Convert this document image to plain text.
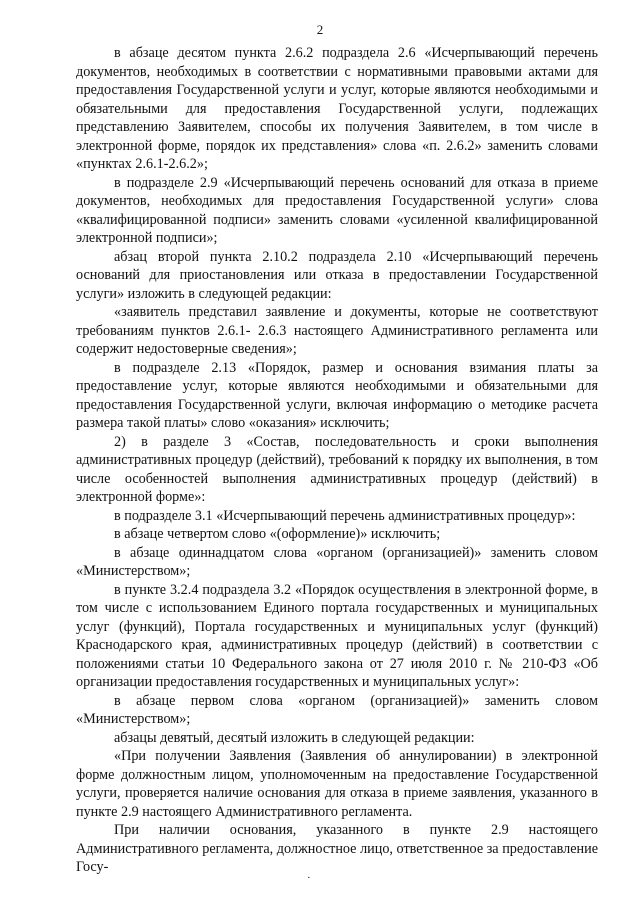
2

в абзаце десятом пункта 2.6.2 подраздела 2.6 «Исчерпывающий перечень документов, необходимых в соответствии с нормативными правовыми актами для предоставления Государственной услуги и услуг, которые являются необходимыми и обязательными для предоставления Государственной услуги, подлежащих представлению Заявителем, способы их получения Заявителем, в том числе в электронной форме, порядок их представления» слова «п. 2.6.2» заменить словами «пунктах 2.6.1-2.6.2»;

в подразделе 2.9 «Исчерпывающий перечень оснований для отказа в приеме документов, необходимых для предоставления Государственной услуги» слова «квалифицированной подписи» заменить словами «усиленной квалифицированной электронной подписи»;

абзац второй пункта 2.10.2 подраздела 2.10 «Исчерпывающий перечень оснований для приостановления или отказа в предоставлении Государственной услуги» изложить в следующей редакции:

«заявитель представил заявление и документы, которые не соответствуют требованиям пунктов 2.6.1- 2.6.3 настоящего Административного регламента или содержит недостоверные сведения»;

в подразделе 2.13 «Порядок, размер и основания взимания платы за предоставление услуг, которые являются необходимыми и обязательными для предоставления Государственной услуги, включая информацию о методике расчета размера такой платы» слово «оказания» исключить;

2) в разделе 3 «Состав, последовательность и сроки выполнения административных процедур (действий), требований к порядку их выполнения, в том числе особенностей выполнения административных процедур (действий) в электронной форме»:

в подразделе 3.1 «Исчерпывающий перечень административных процедур»:

в абзаце четвертом слово «(оформление)» исключить;

в абзаце одиннадцатом слова «органом (организацией)» заменить словом «Министерством»;

в пункте 3.2.4 подраздела 3.2 «Порядок осуществления в электронной форме, в том числе с использованием Единого портала государственных и муниципальных услуг (функций), Портала государственных и муниципальных услуг (функций) Краснодарского края, административных процедур (действий) в соответствии с положениями статьи 10 Федерального закона от 27 июля 2010 г. № 210-ФЗ «Об организации предоставления государственных и муниципальных услуг»:

в абзаце первом слова «органом (организацией)» заменить словом «Министерством»;

абзацы девятый, десятый изложить в следующей редакции:

«При получении Заявления (Заявления об аннулировании) в электронной форме должностным лицом, уполномоченным на предоставление Государственной услуги, проверяется наличие основания для отказа в приеме заявления, указанного в пункте 2.9 настоящего Административного регламента.

При наличии основания, указанного в пункте 2.9 настоящего Административного регламента, должностное лицо, ответственное за предоставление Госу-

·
